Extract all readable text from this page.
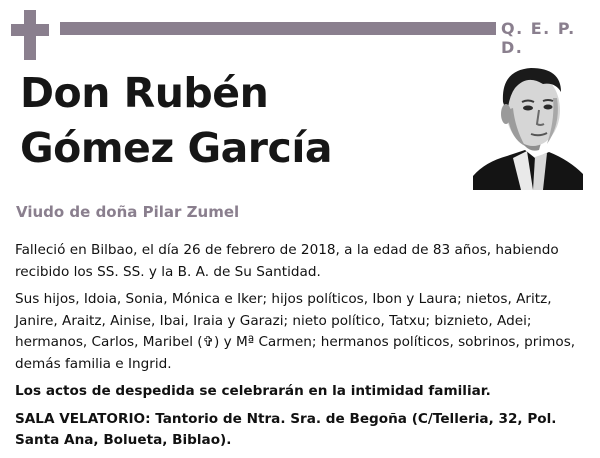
Q. E. P. D.
Don Rubén
Gómez García
Viudo de doña Pilar Zumel

Falleció en Bilbao, el día 26 de febrero de 2018, a la edad de 83 años, habiendo recibido los SS. SS. y la B. A. de Su Santidad.

Sus hijos, Idoia, Sonia, Mónica e Iker; hijos políticos, Ibon y Laura; nietos, Aritz, Janire, Araitz, Ainise, Ibai, Iraia y Garazi; nieto político, Tatxu; biznieto, Adei; hermanos, Carlos, Maribel (✞) y Mª Carmen; hermanos políticos, sobrinos, primos, demás familia e Ingrid.

Los actos de despedida se celebrarán en la intimidad familiar.

SALA VELATORIO: Tantorio de Ntra. Sra. de Begoña (C/Telleria, 32, Pol. Santa Ana, Bolueta, Biblao).
